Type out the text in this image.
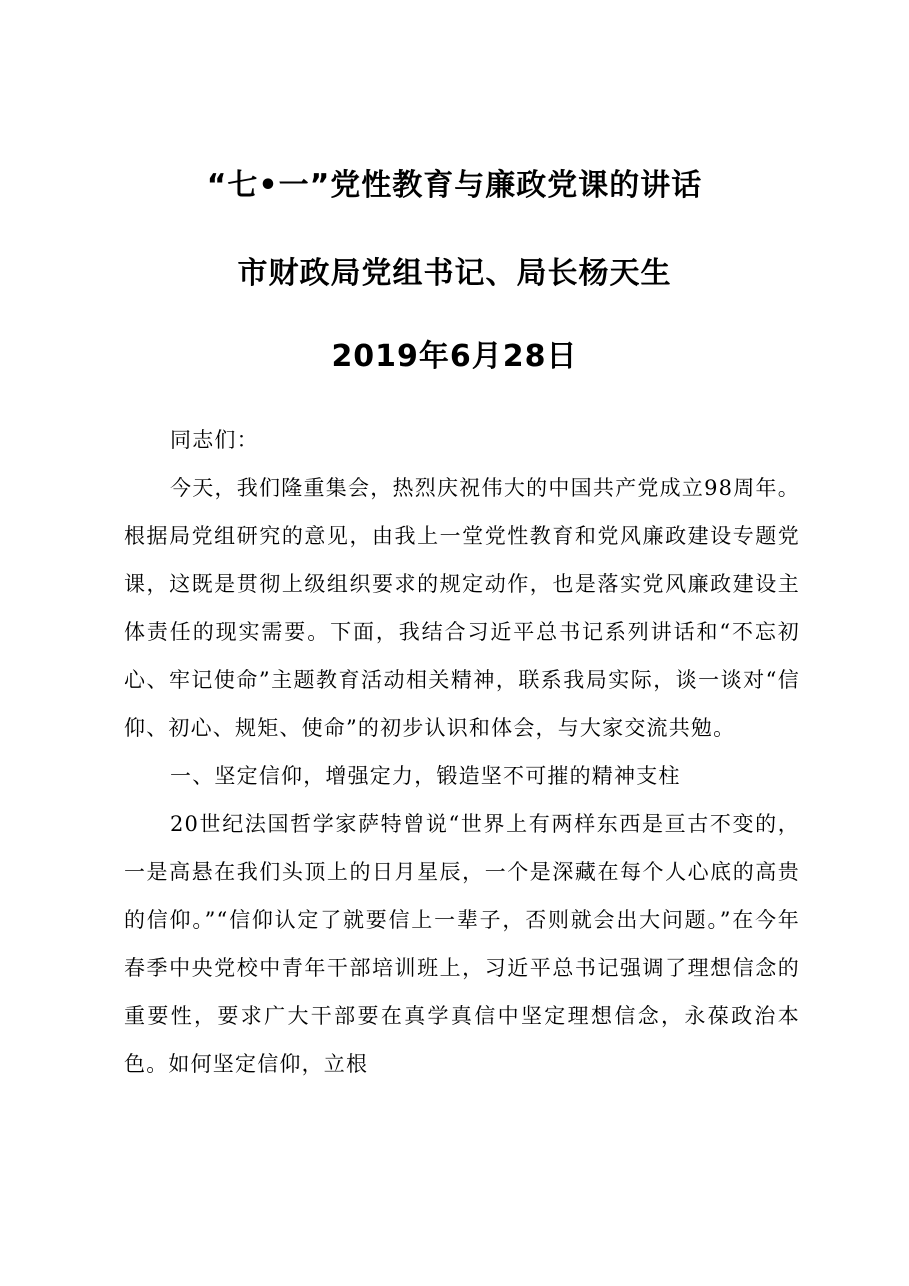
“七•一”党性教育与廉政党课的讲话
市财政局党组书记、局长杨天生
2019年6月28日

同志们：

今天，我们隆重集会，热烈庆祝伟大的中国共产党成立98周年。根据局党组研究的意见，由我上一堂党性教育和党风廉政建设专题党课，这既是贯彻上级组织要求的规定动作，也是落实党风廉政建设主体责任的现实需要。下面，我结合习近平总书记系列讲话和“不忘初心、牢记使命”主题教育活动相关精神，联系我局实际，谈一谈对“信仰、初心、规矩、使命”的初步认识和体会，与大家交流共勉。

一、坚定信仰，增强定力，锻造坚不可摧的精神支柱

20世纪法国哲学家萨特曾说“世界上有两样东西是亘古不变的，一是高悬在我们头顶上的日月星辰，一个是深藏在每个人心底的高贵的信仰。”“信仰认定了就要信上一辈子，否则就会出大问题。”在今年春季中央党校中青年干部培训班上，习近平总书记强调了理想信念的重要性，要求广大干部要在真学真信中坚定理想信念，永葆政治本色。如何坚定信仰，立根
